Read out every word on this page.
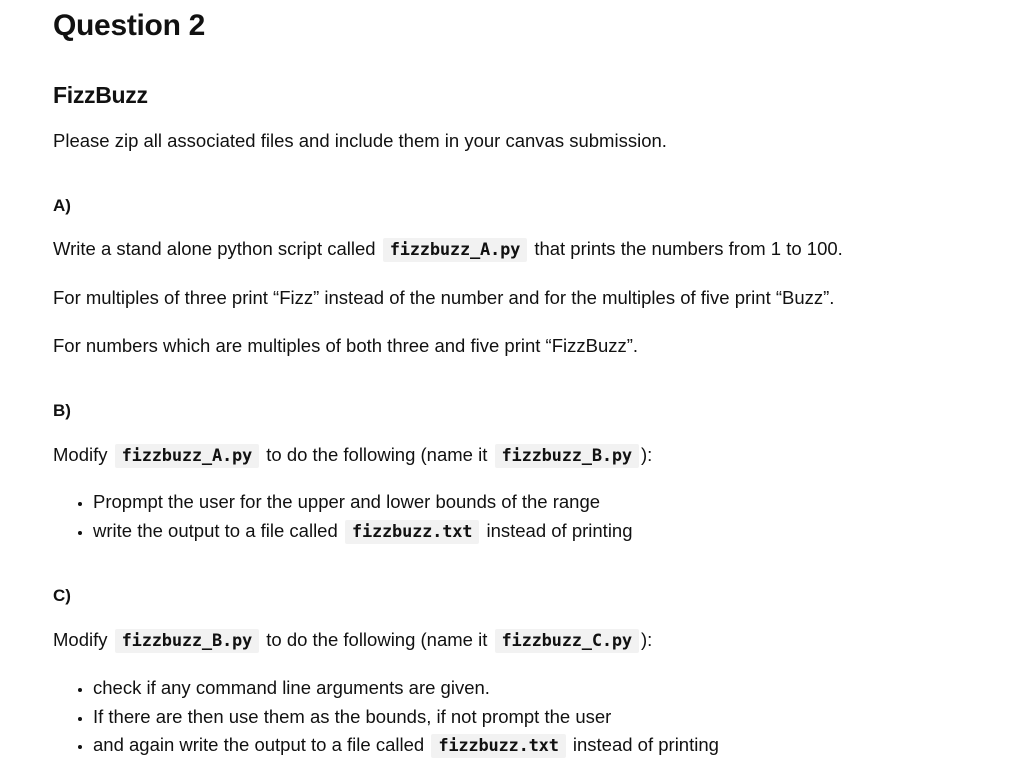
Question 2
FizzBuzz

Please zip all associated files and include them in your canvas submission.

A)

Write a stand alone python script called fizzbuzz_A.py that prints the numbers from 1 to 100.

For multiples of three print “Fizz” instead of the number and for the multiples of five print “Buzz”.

For numbers which are multiples of both three and five print “FizzBuzz”.

B)

Modify fizzbuzz_A.py to do the following (name it fizzbuzz_B.py ):

• Propmpt the user for the upper and lower bounds of the range
• write the output to a file called fizzbuzz.txt instead of printing
C)

Modify fizzbuzz_B.py to do the following (name it fizzbuzz_C.py ):

• check if any command line arguments are given.
• If there are then use them as the bounds, if not prompt the user
• and again write the output to a file called fizzbuzz.txt instead of printing
